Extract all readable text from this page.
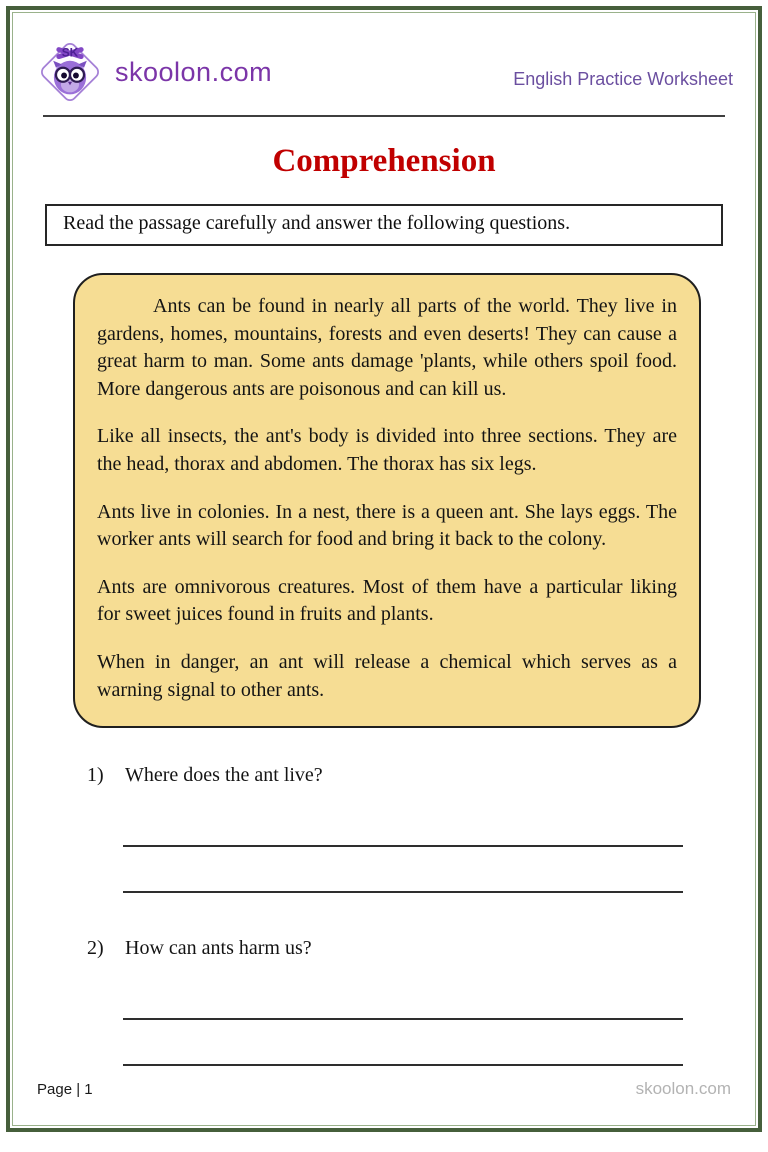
SK
skoolon.com	English Practice Worksheet
Comprehension
Read the passage carefully and answer the following questions.

Ants can be found in nearly all parts of the world. They live in gardens, homes, mountains, forests and even deserts! They can cause a great harm to man. Some ants damage 'plants, while others spoil food. More dangerous ants are poisonous and can kill us.

Like all insects, the ant's body is divided into three sections. They are the head, thorax and abdomen. The thorax has six legs.

Ants live in colonies. In a nest, there is a queen ant. She lays eggs. The worker ants will search for food and bring it back to the colony.

Ants are omnivorous creatures. Most of them have a particular liking for sweet juices found in fruits and plants.

When in danger, an ant will release a chemical which serves as a warning signal to other ants.

1)	Where does the ant live?
2)	How can ants harm us?
Page | 1	skoolon.com
